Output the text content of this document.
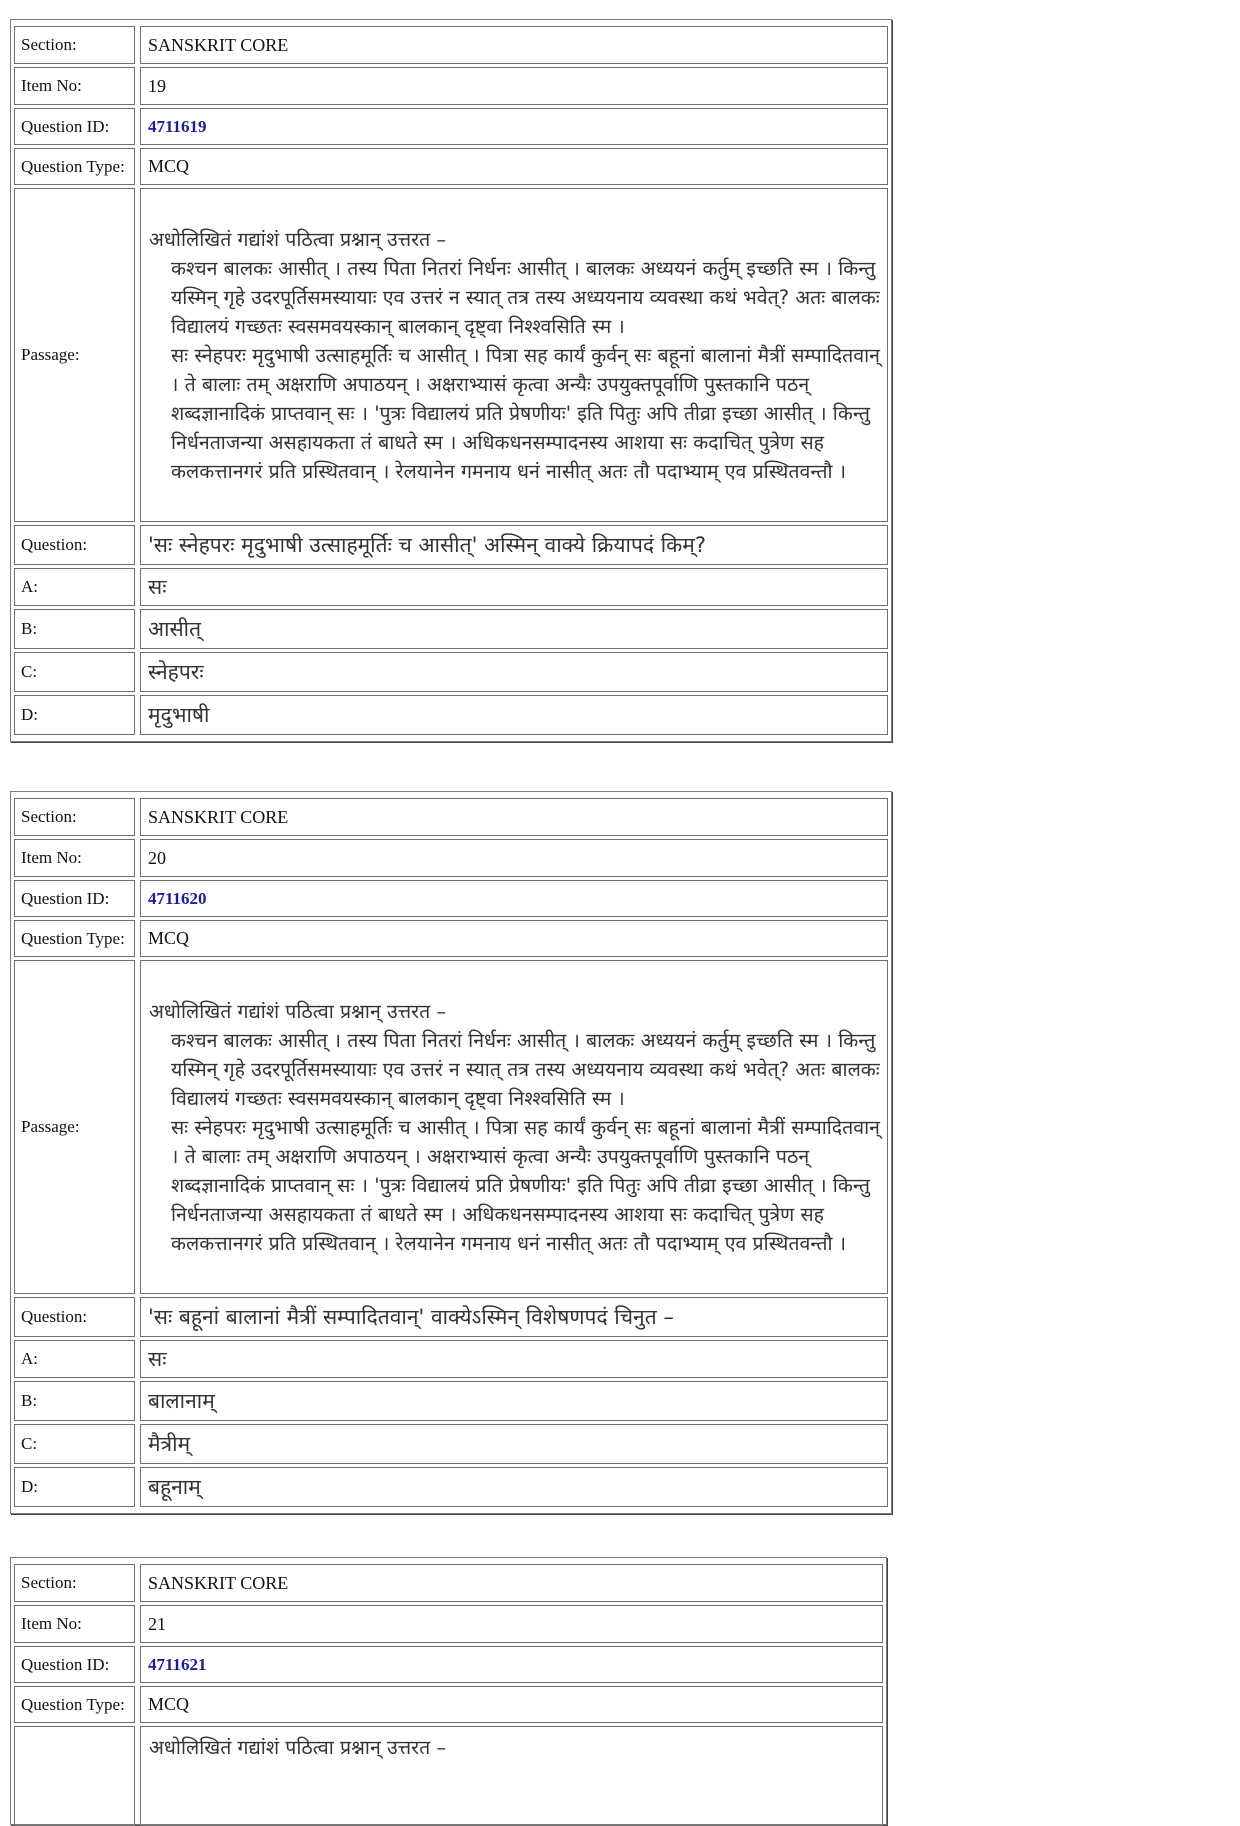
Section:	SANSKRIT CORE
Item No:	19
Question ID:	4711619
Question Type:	MCQ
Passage:

अधोलिखितं गद्यांशं पठित्वा प्रश्नान् उत्तरत –

कश्चन बालकः आसीत् । तस्य पिता नितरां निर्धनः आसीत् । बालकः अध्ययनं कर्तुम् इच्छति स्म । किन्तु यस्मिन् गृहे उदरपूर्तिसमस्यायाः एव उत्तरं न स्यात् तत्र तस्य अध्ययनाय व्यवस्था कथं भवेत्? अतः बालकः विद्यालयं गच्छतः स्वसमवयस्कान् बालकान् दृष्ट्वा निश्श्वसिति स्म ।

सः स्नेहपरः मृदुभाषी उत्साहमूर्तिः च आसीत् । पित्रा सह कार्यं कुर्वन् सः बहूनां बालानां मैत्रीं सम्पादितवान् । ते बालाः तम् अक्षराणि अपाठयन् । अक्षराभ्यासं कृत्वा अन्यैः उपयुक्तपूर्वाणि पुस्तकानि पठन् शब्दज्ञानादिकं प्राप्तवान् सः । 'पुत्रः विद्यालयं प्रति प्रेषणीयः' इति पितुः अपि तीव्रा इच्छा आसीत् । किन्तु निर्धनताजन्या असहायकता तं बाधते स्म । अधिकधनसम्पादनस्य आशया सः कदाचित् पुत्रेण सह कलकत्तानगरं प्रति प्रस्थितवान् । रेलयानेन गमनाय धनं नासीत् अतः तौ पदाभ्याम् एव प्रस्थितवन्तौ ।

Question:	'सः स्नेहपरः मृदुभाषी उत्साहमूर्तिः च आसीत्' अस्मिन् वाक्ये क्रियापदं किम्?
A:	सः
B:	आसीत्
C:	स्नेहपरः
D:	मृदुभाषी
Section:	SANSKRIT CORE
Item No:	20
Question ID:	4711620
Question Type:	MCQ
Passage:

अधोलिखितं गद्यांशं पठित्वा प्रश्नान् उत्तरत –

कश्चन बालकः आसीत् । तस्य पिता नितरां निर्धनः आसीत् । बालकः अध्ययनं कर्तुम् इच्छति स्म । किन्तु यस्मिन् गृहे उदरपूर्तिसमस्यायाः एव उत्तरं न स्यात् तत्र तस्य अध्ययनाय व्यवस्था कथं भवेत्? अतः बालकः विद्यालयं गच्छतः स्वसमवयस्कान् बालकान् दृष्ट्वा निश्श्वसिति स्म ।

सः स्नेहपरः मृदुभाषी उत्साहमूर्तिः च आसीत् । पित्रा सह कार्यं कुर्वन् सः बहूनां बालानां मैत्रीं सम्पादितवान् । ते बालाः तम् अक्षराणि अपाठयन् । अक्षराभ्यासं कृत्वा अन्यैः उपयुक्तपूर्वाणि पुस्तकानि पठन् शब्दज्ञानादिकं प्राप्तवान् सः । 'पुत्रः विद्यालयं प्रति प्रेषणीयः' इति पितुः अपि तीव्रा इच्छा आसीत् । किन्तु निर्धनताजन्या असहायकता तं बाधते स्म । अधिकधनसम्पादनस्य आशया सः कदाचित् पुत्रेण सह कलकत्तानगरं प्रति प्रस्थितवान् । रेलयानेन गमनाय धनं नासीत् अतः तौ पदाभ्याम् एव प्रस्थितवन्तौ ।

Question:	'सः बहूनां बालानां मैत्रीं सम्पादितवान्' वाक्येऽस्मिन् विशेषणपदं चिनुत –
A:	सः
B:	बालानाम्
C:	मैत्रीम्
D:	बहूनाम्
Section:	SANSKRIT CORE
Item No:	21
Question ID:	4711621
Question Type:	MCQ

अधोलिखितं गद्यांशं पठित्वा प्रश्नान् उत्तरत –
